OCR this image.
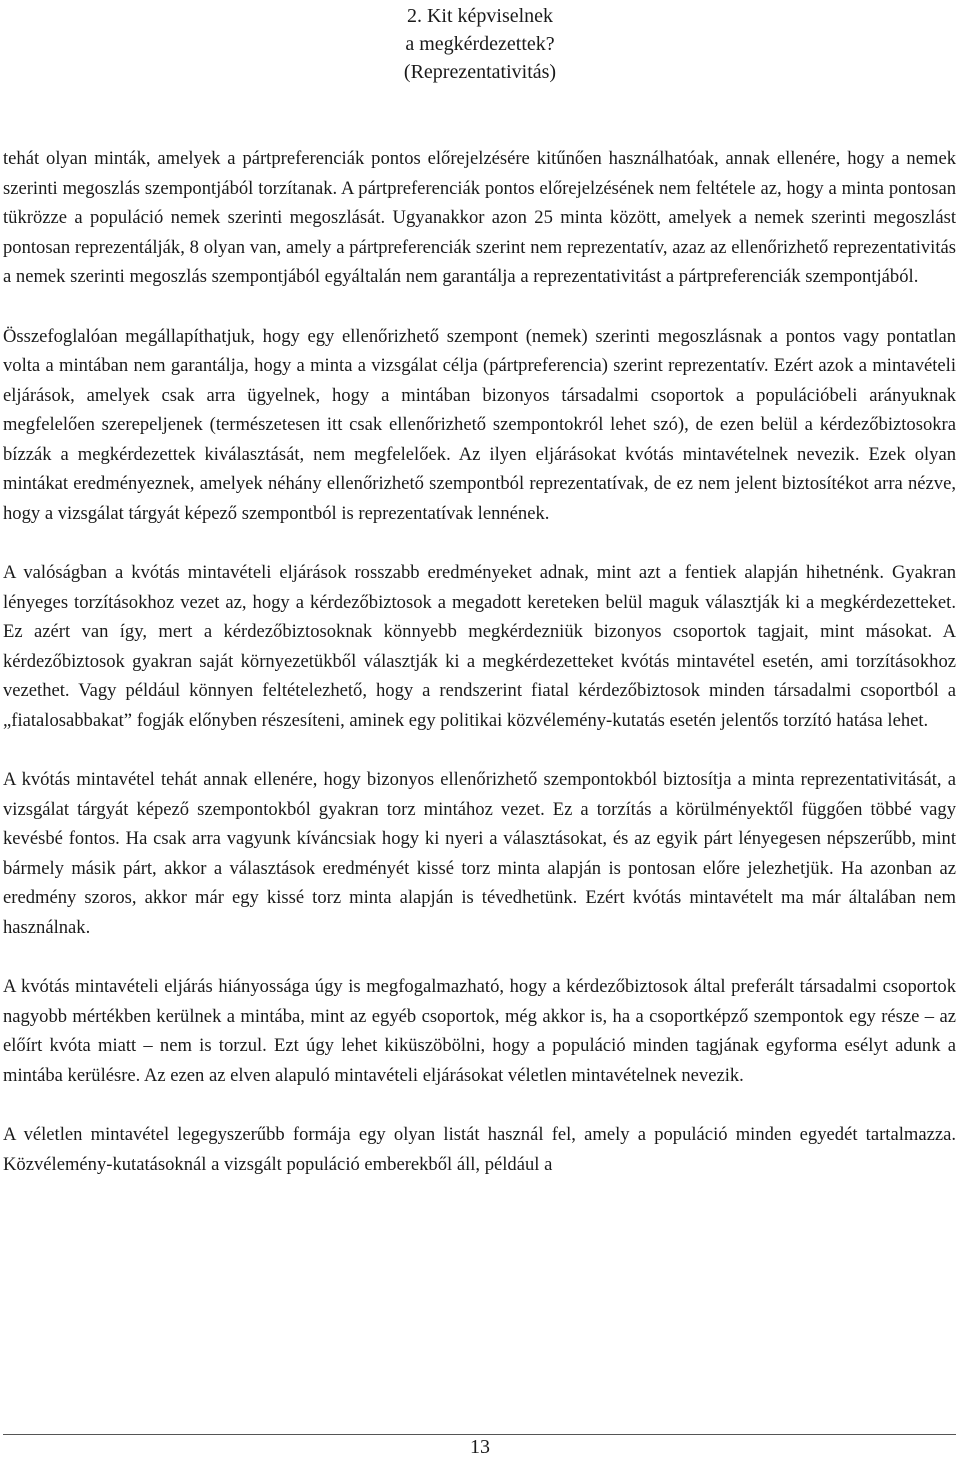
2. Kit képviselnek
a megkérdezettek?
(Reprezentativitás)

tehát olyan minták, amelyek a pártpreferenciák pontos előrejelzésére kitűnően használhatóak, annak ellenére, hogy a nemek szerinti megoszlás szempontjából torzítanak. A pártpreferenciák pontos előrejelzésének nem feltétele az, hogy a minta pontosan tükrözze a populáció nemek szerinti megoszlását. Ugyanakkor azon 25 minta között, amelyek a nemek szerinti megoszlást pontosan reprezentálják, 8 olyan van, amely a pártpreferenciák szerint nem reprezentatív, azaz az ellenőrizhető reprezentativitás a nemek szerinti megoszlás szempontjából egyáltalán nem garantálja a reprezentativitást a pártpreferenciák szempontjából.

Összefoglalóan megállapíthatjuk, hogy egy ellenőrizhető szempont (nemek) szerinti megoszlásnak a pontos vagy pontatlan volta a mintában nem garantálja, hogy a minta a vizsgálat célja (pártpreferencia) szerint reprezentatív. Ezért azok a mintavételi eljárások, amelyek csak arra ügyelnek, hogy a mintában bizonyos társadalmi csoportok a populációbeli arányuknak megfelelően szerepeljenek (természetesen itt csak ellenőrizhető szempontokról lehet szó), de ezen belül a kérdezőbiztosokra bízzák a megkérdezettek kiválasztását, nem megfelelőek. Az ilyen eljárásokat kvótás mintavételnek nevezik. Ezek olyan mintákat eredményeznek, amelyek néhány ellenőrizhető szempontból reprezentatívak, de ez nem jelent biztosítékot arra nézve, hogy a vizsgálat tárgyát képező szempontból is reprezentatívak lennének.

A valóságban a kvótás mintavételi eljárások rosszabb eredményeket adnak, mint azt a fentiek alapján hihetnénk. Gyakran lényeges torzításokhoz vezet az, hogy a kérdezőbiztosok a megadott kereteken belül maguk választják ki a megkérdezetteket. Ez azért van így, mert a kérdezőbiztosoknak könnyebb megkérdezniük bizonyos csoportok tagjait, mint másokat. A kérdezőbiztosok gyakran saját környezetükből választják ki a megkérdezetteket kvótás mintavétel esetén, ami torzításokhoz vezethet. Vagy például könnyen feltételezhető, hogy a rendszerint fiatal kérdezőbiztosok minden társadalmi csoportból a „fiatalosabbakat” fogják előnyben részesíteni, aminek egy politikai közvélemény-kutatás esetén jelentős torzító hatása lehet.

A kvótás mintavétel tehát annak ellenére, hogy bizonyos ellenőrizhető szempontokból biztosítja a minta reprezentativitását, a vizsgálat tárgyát képező szempontokból gyakran torz mintához vezet. Ez a torzítás a körülményektől függően többé vagy kevésbé fontos. Ha csak arra vagyunk kíváncsiak hogy ki nyeri a választásokat, és az egyik párt lényegesen népszerűbb, mint bármely másik párt, akkor a választások eredményét kissé torz minta alapján is pontosan előre jelezhetjük. Ha azonban az eredmény szoros, akkor már egy kissé torz minta alapján is tévedhetünk. Ezért kvótás mintavételt ma már általában nem használnak.

A kvótás mintavételi eljárás hiányossága úgy is megfogalmazható, hogy a kérdezőbiztosok által preferált társadalmi csoportok nagyobb mértékben kerülnek a mintába, mint az egyéb csoportok, még akkor is, ha a csoportképző szempontok egy része – az előírt kvóta miatt – nem is torzul. Ezt úgy lehet kiküszöbölni, hogy a populáció minden tagjának egyforma esélyt adunk a mintába kerülésre. Az ezen az elven alapuló mintavételi eljárásokat véletlen mintavételnek nevezik.

A véletlen mintavétel legegyszerűbb formája egy olyan listát használ fel, amely a populáció minden egyedét tartalmazza. Közvélemény-kutatásoknál a vizsgált populáció emberekből áll, például a

13
